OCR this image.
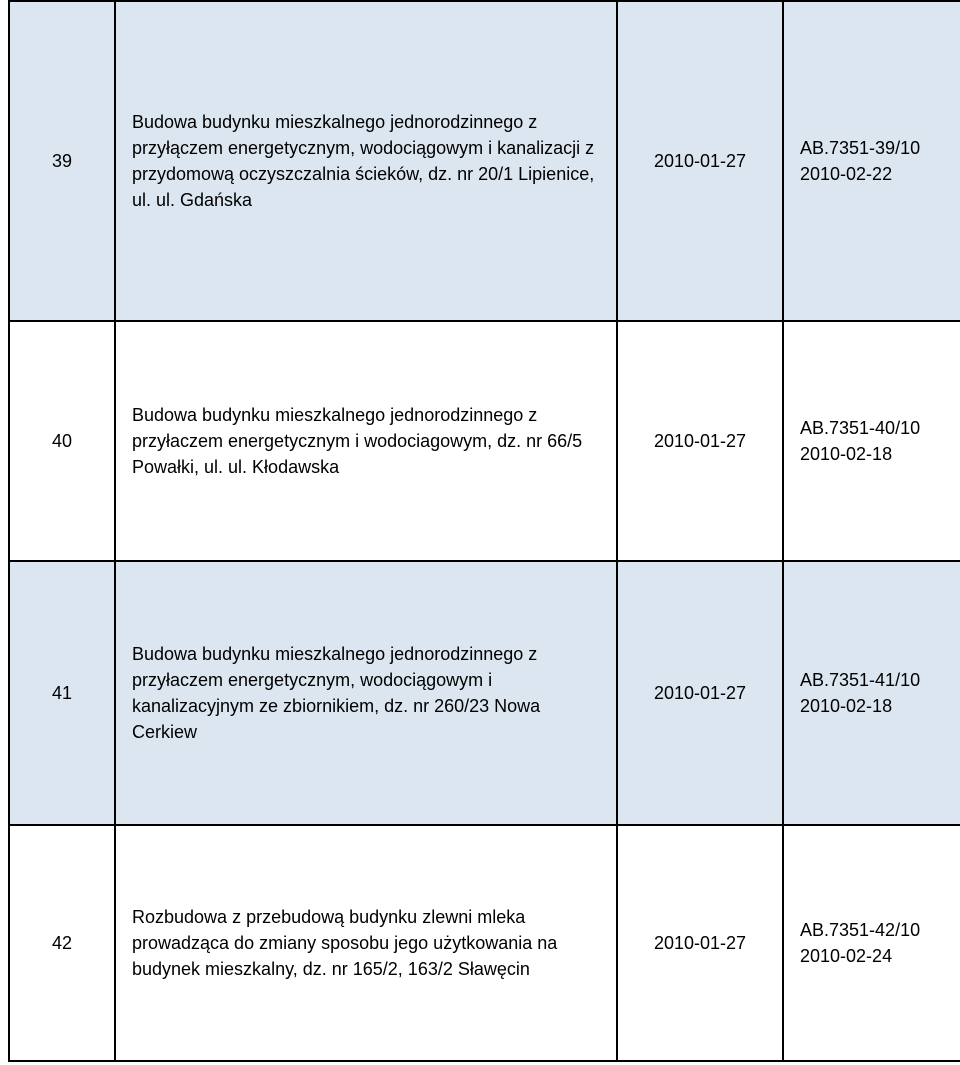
39	Budowa budynku mieszkalnego jednorodzinnego z przyłączem energetycznym, wodociągowym i kanalizacji z przydomową oczyszczalnia ścieków, dz. nr 20/1 Lipienice, ul. ul. Gdańska	2010-01-27	AB.7351-39/10
2010-02-22

40	Budowa budynku mieszkalnego jednorodzinnego z przyłaczem energetycznym i wodociagowym, dz. nr 66/5 Powałki, ul. ul. Kłodawska	2010-01-27	AB.7351-40/10
2010-02-18

41	Budowa budynku mieszkalnego jednorodzinnego z przyłaczem energetycznym, wodociągowym i kanalizacyjnym ze zbiornikiem, dz. nr 260/23 Nowa Cerkiew	2010-01-27	AB.7351-41/10
2010-02-18

42	Rozbudowa z przebudową budynku zlewni mleka prowadząca do zmiany sposobu jego użytkowania na budynek mieszkalny, dz. nr 165/2, 163/2 Sławęcin	2010-01-27	AB.7351-42/10
2010-02-24
